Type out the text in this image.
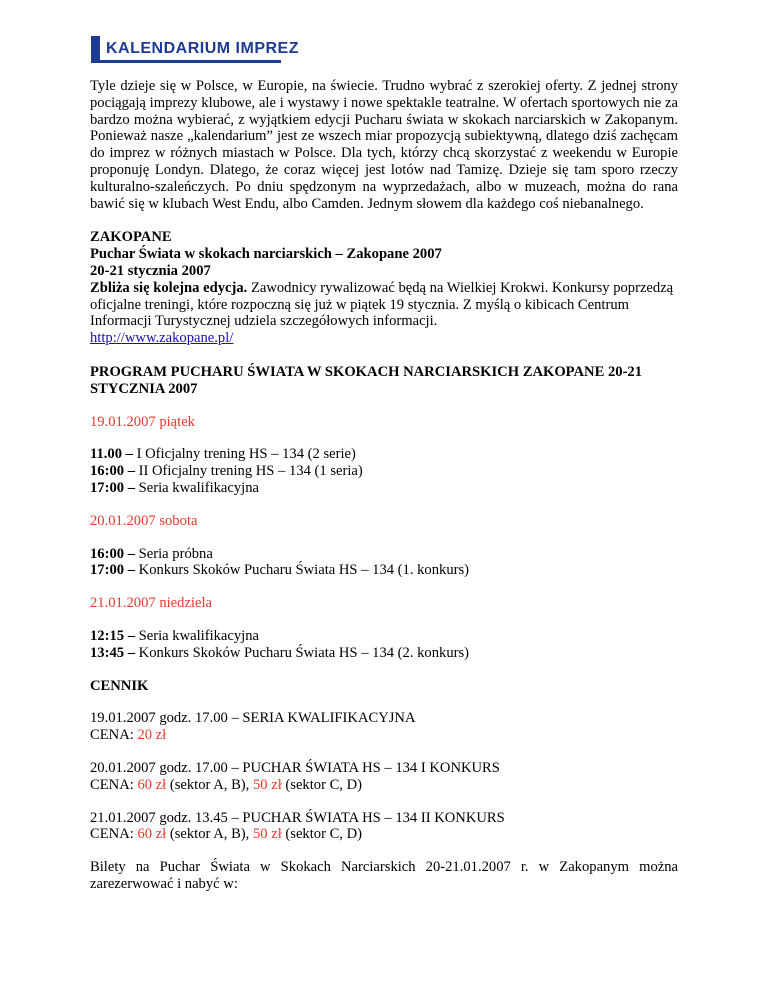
KALENDARIUM IMPREZ

Tyle dzieje się w Polsce, w Europie, na świecie. Trudno wybrać z szerokiej oferty. Z jednej strony pociągają imprezy klubowe, ale i wystawy i nowe spektakle teatralne. W ofertach sportowych nie za bardzo można wybierać, z wyjątkiem edycji Pucharu świata w skokach narciarskich w Zakopanym. Ponieważ nasze „kalendarium” jest ze wszech miar propozycją subiektywną, dlatego dziś zachęcam do imprez w różnych miastach w Polsce. Dla tych, którzy chcą skorzystać z weekendu w Europie proponuję Londyn. Dlatego, że coraz więcej jest lotów nad Tamizę. Dzieje się tam sporo rzeczy kulturalno-szaleńczych. Po dniu spędzonym na wyprzedażach, albo w muzeach, można do rana bawić się w klubach West Endu, albo Camden. Jednym słowem dla każdego coś niebanalnego.

ZAKOPANE
Puchar Świata w skokach narciarskich – Zakopane 2007
20-21 stycznia 2007

Zbliża się kolejna edycja. Zawodnicy rywalizować będą na Wielkiej Krokwi. Konkursy poprzedzą oficjalne treningi, które rozpoczną się już w piątek 19 stycznia. Z myślą o kibicach Centrum Informacji Turystycznej udziela szczegółowych informacji.

http://www.zakopane.pl/

PROGRAM PUCHARU ŚWIATA W SKOKACH NARCIARSKICH ZAKOPANE 20-21 STYCZNIA 2007

19.01.2007 piątek

11.00 – I Oficjalny trening HS – 134 (2 serie)
16:00 – II Oficjalny trening HS – 134 (1 seria)
17:00 – Seria kwalifikacyjna

20.01.2007 sobota

16:00 – Seria próbna
17:00 – Konkurs Skoków Pucharu Świata HS – 134 (1. konkurs)

21.01.2007 niedziela

12:15 – Seria kwalifikacyjna
13:45 – Konkurs Skoków Pucharu Świata HS – 134 (2. konkurs)

CENNIK

19.01.2007 godz. 17.00 – SERIA KWALIFIKACYJNA
CENA: 20 zł
20.01.2007 godz. 17.00 – PUCHAR ŚWIATA HS – 134 I KONKURS
CENA: 60 zł (sektor A, B), 50 zł (sektor C, D)
21.01.2007 godz. 13.45 – PUCHAR ŚWIATA HS – 134 II KONKURS
CENA: 60 zł (sektor A, B), 50 zł (sektor C, D)

Bilety na Puchar Świata w Skokach Narciarskich 20-21.01.2007 r. w Zakopanym można zarezerwować i nabyć w:
